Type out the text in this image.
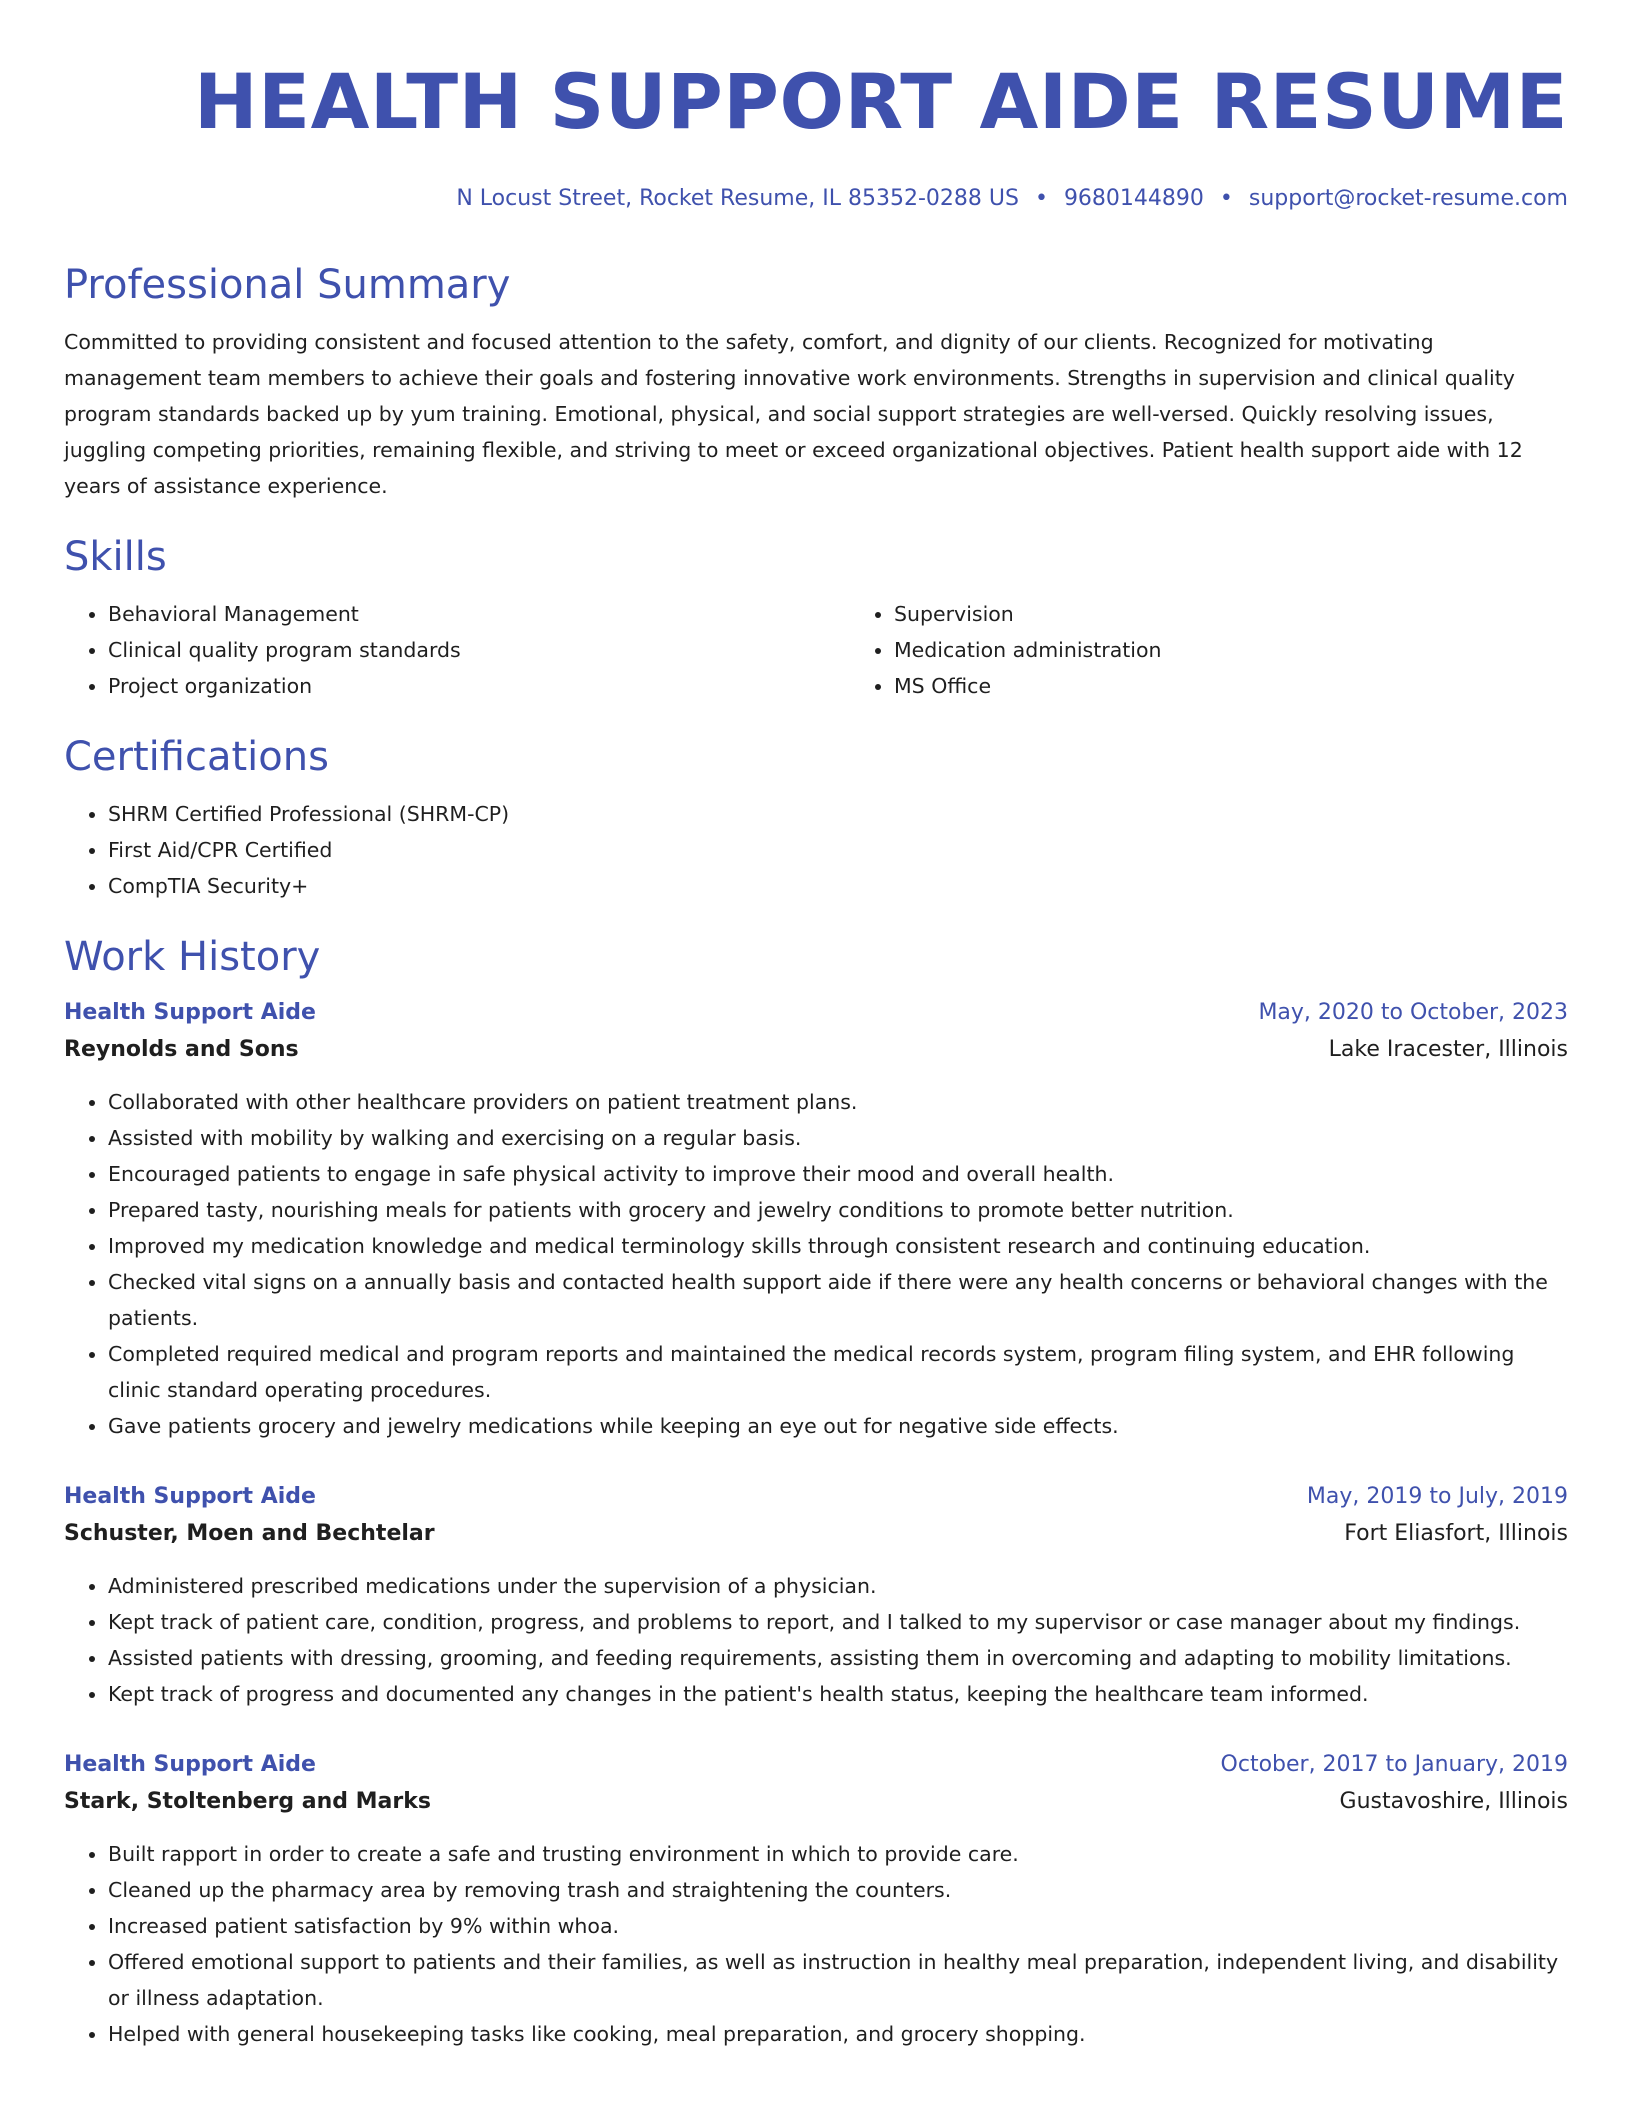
HEALTH SUPPORT AIDE RESUME
N Locust Street, Rocket Resume, IL 85352-0288 US • 9680144890 • support@rocket-resume.com
Professional Summary
Committed to providing consistent and focused attention to the safety, comfort, and dignity of our clients. Recognized for motivating management team members to achieve their goals and fostering innovative work environments. Strengths in supervision and clinical quality program standards backed up by yum training. Emotional, physical, and social support strategies are well-versed. Quickly resolving issues, juggling competing priorities, remaining flexible, and striving to meet or exceed organizational objectives. Patient health support aide with 12 years of assistance experience.
Skills
• Behavioral Management
• Clinical quality program standards
• Project organization
• Supervision
• Medication administration
• MS Office
Certifications
• SHRM Certified Professional (SHRM-CP)
• First Aid/CPR Certified
• CompTIA Security+
Work History
Health Support Aide	May, 2020 to October, 2023
Reynolds and Sons	Lake Iracester, Illinois
• Collaborated with other healthcare providers on patient treatment plans.
• Assisted with mobility by walking and exercising on a regular basis.
• Encouraged patients to engage in safe physical activity to improve their mood and overall health.
• Prepared tasty, nourishing meals for patients with grocery and jewelry conditions to promote better nutrition.
• Improved my medication knowledge and medical terminology skills through consistent research and continuing education.
• Checked vital signs on a annually basis and contacted health support aide if there were any health concerns or behavioral changes with the patients.
• Completed required medical and program reports and maintained the medical records system, program filing system, and EHR following clinic standard operating procedures.
• Gave patients grocery and jewelry medications while keeping an eye out for negative side effects.
Health Support Aide	May, 2019 to July, 2019
Schuster, Moen and Bechtelar	Fort Eliasfort, Illinois
• Administered prescribed medications under the supervision of a physician.
• Kept track of patient care, condition, progress, and problems to report, and I talked to my supervisor or case manager about my findings.
• Assisted patients with dressing, grooming, and feeding requirements, assisting them in overcoming and adapting to mobility limitations.
• Kept track of progress and documented any changes in the patient's health status, keeping the healthcare team informed.
Health Support Aide	October, 2017 to January, 2019
Stark, Stoltenberg and Marks	Gustavoshire, Illinois
• Built rapport in order to create a safe and trusting environment in which to provide care.
• Cleaned up the pharmacy area by removing trash and straightening the counters.
• Increased patient satisfaction by 9% within whoa.
• Offered emotional support to patients and their families, as well as instruction in healthy meal preparation, independent living, and disability or illness adaptation.
• Helped with general housekeeping tasks like cooking, meal preparation, and grocery shopping.
